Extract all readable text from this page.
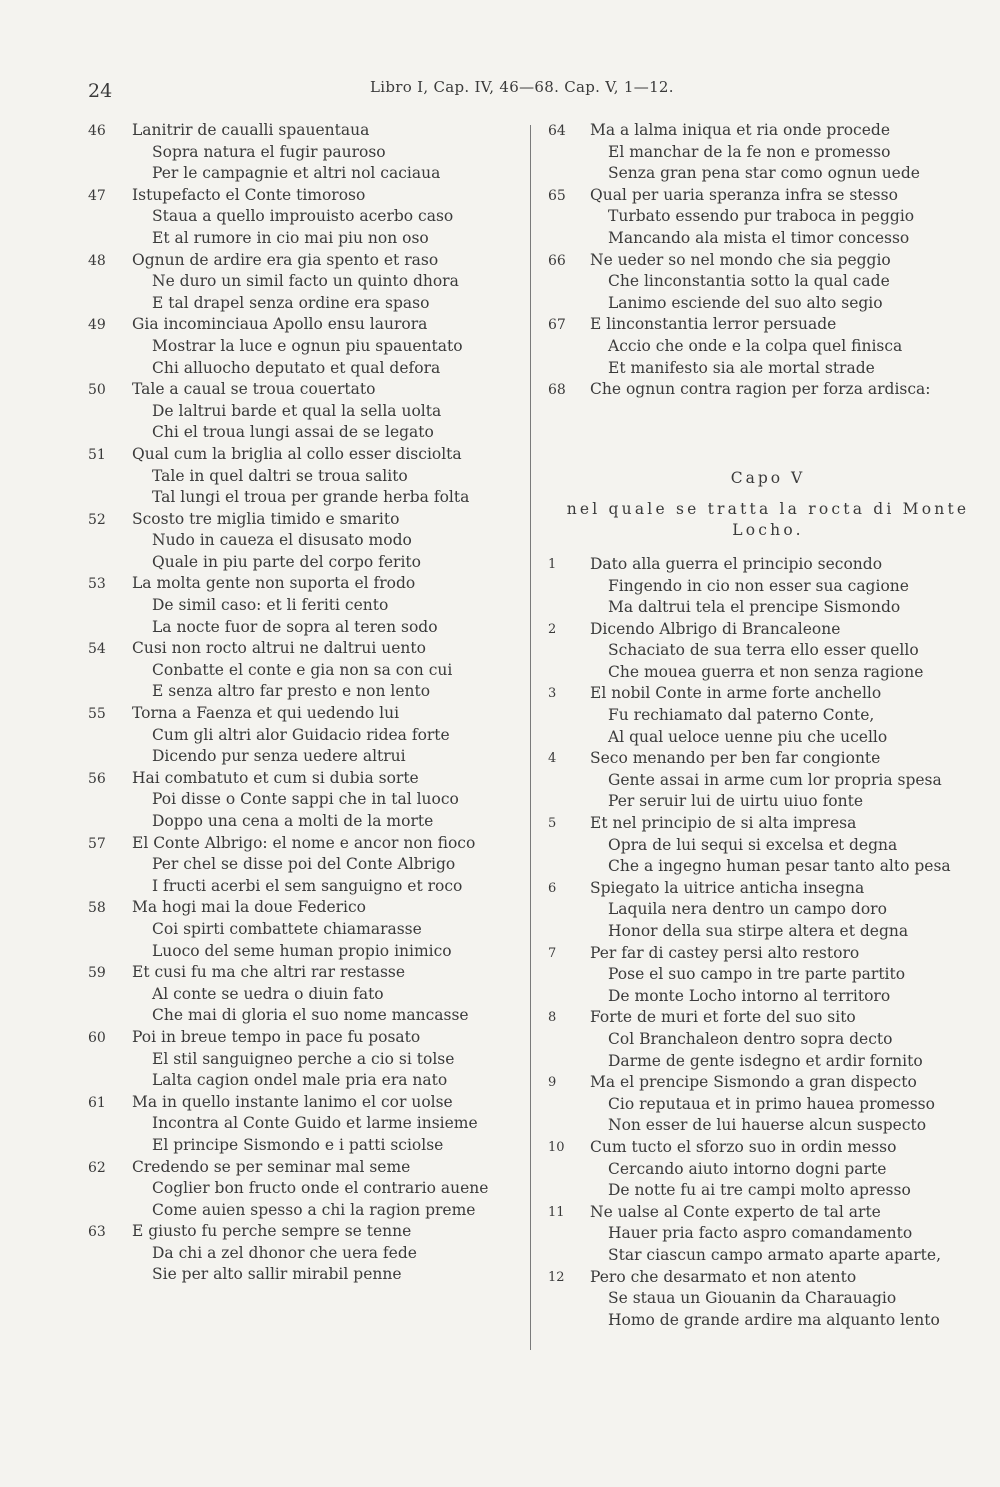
24	Libro I, Cap. IV, 46—68. Cap. V, 1—12.
46	Lanitrir de caualli spauentaua
Sopra natura el fugir pauroso
Per le campagnie et altri nol caciaua
47	Istupefacto el Conte timoroso
Staua a quello improuisto acerbo caso
Et al rumore in cio mai piu non oso
48	Ognun de ardire era gia spento et raso
Ne duro un simil facto un quinto dhora
E tal drapel senza ordine era spaso
49	Gia incominciaua Apollo ensu laurora
Mostrar la luce e ognun piu spauentato
Chi alluocho deputato et qual defora
50	Tale a caual se troua couertato
De laltrui barde et qual la sella uolta
Chi el troua lungi assai de se legato
51	Qual cum la briglia al collo esser disciolta
Tale in quel daltri se troua salito
Tal lungi el troua per grande herba folta
52	Scosto tre miglia timido e smarito
Nudo in caueza el disusato modo
Quale in piu parte del corpo ferito
53	La molta gente non suporta el frodo
De simil caso: et li feriti cento
La nocte fuor de sopra al teren sodo
54	Cusi non rocto altrui ne daltrui uento
Conbatte el conte e gia non sa con cui
E senza altro far presto e non lento
55	Torna a Faenza et qui uedendo lui
Cum gli altri alor Guidacio ridea forte
Dicendo pur senza uedere altrui
56	Hai combatuto et cum si dubia sorte
Poi disse o Conte sappi che in tal luoco
Doppo una cena a molti de la morte
57	El Conte Albrigo: el nome e ancor non fioco
Per chel se disse poi del Conte Albrigo
I fructi acerbi el sem sanguigno et roco
58	Ma hogi mai la doue Federico
Coi spirti combattete chiamarasse
Luoco del seme human propio inimico
59	Et cusi fu ma che altri rar restasse
Al conte se uedra o diuin fato
Che mai di gloria el suo nome mancasse
60	Poi in breue tempo in pace fu posato
El stil sanguigneo perche a cio si tolse
Lalta cagion ondel male pria era nato
61	Ma in quello instante lanimo el cor uolse
Incontra al Conte Guido et larme insieme
El principe Sismondo e i patti sciolse
62	Credendo se per seminar mal seme
Coglier bon fructo onde el contrario auene
Come auien spesso a chi la ragion preme
63	E giusto fu perche sempre se tenne
Da chi a zel dhonor che uera fede
Sie per alto sallir mirabil penne
64	Ma a lalma iniqua et ria onde procede
El manchar de la fe non e promesso
Senza gran pena star como ognun uede
65	Qual per uaria speranza infra se stesso
Turbato essendo pur traboca in peggio
Mancando ala mista el timor concesso
66	Ne ueder so nel mondo che sia peggio
Che linconstantia sotto la qual cade
Lanimo esciende del suo alto segio
67	E linconstantia lerror persuade
Accio che onde e la colpa quel finisca
Et manifesto sia ale mortal strade
68	Che ognun contra ragion per forza ardisca:
Capo V
nel quale se tratta la rocta di Monte
Locho.
1	Dato alla guerra el principio secondo
Fingendo in cio non esser sua cagione
Ma daltrui tela el prencipe Sismondo
2	Dicendo Albrigo di Brancaleone
Schaciato de sua terra ello esser quello
Che mouea guerra et non senza ragione
3	El nobil Conte in arme forte anchello
Fu rechiamato dal paterno Conte,
Al qual ueloce uenne piu che ucello
4	Seco menando per ben far congionte
Gente assai in arme cum lor propria spesa
Per seruir lui de uirtu uiuo fonte
5	Et nel principio de si alta impresa
Opra de lui sequi si excelsa et degna
Che a ingegno human pesar tanto alto pesa
6	Spiegato la uitrice anticha insegna
Laquila nera dentro un campo doro
Honor della sua stirpe altera et degna
7	Per far di castey persi alto restoro
Pose el suo campo in tre parte partito
De monte Locho intorno al territoro
8	Forte de muri et forte del suo sito
Col Branchaleon dentro sopra decto
Darme de gente isdegno et ardir fornito
9	Ma el prencipe Sismondo a gran dispecto
Cio reputaua et in primo hauea promesso
Non esser de lui hauerse alcun suspecto
10	Cum tucto el sforzo suo in ordin messo
Cercando aiuto intorno dogni parte
De notte fu ai tre campi molto apresso
11	Ne ualse al Conte experto de tal arte
Hauer pria facto aspro comandamento
Star ciascun campo armato aparte aparte,
12	Pero che desarmato et non atento
Se staua un Giouanin da Charauagio
Homo de grande ardire ma alquanto lento
